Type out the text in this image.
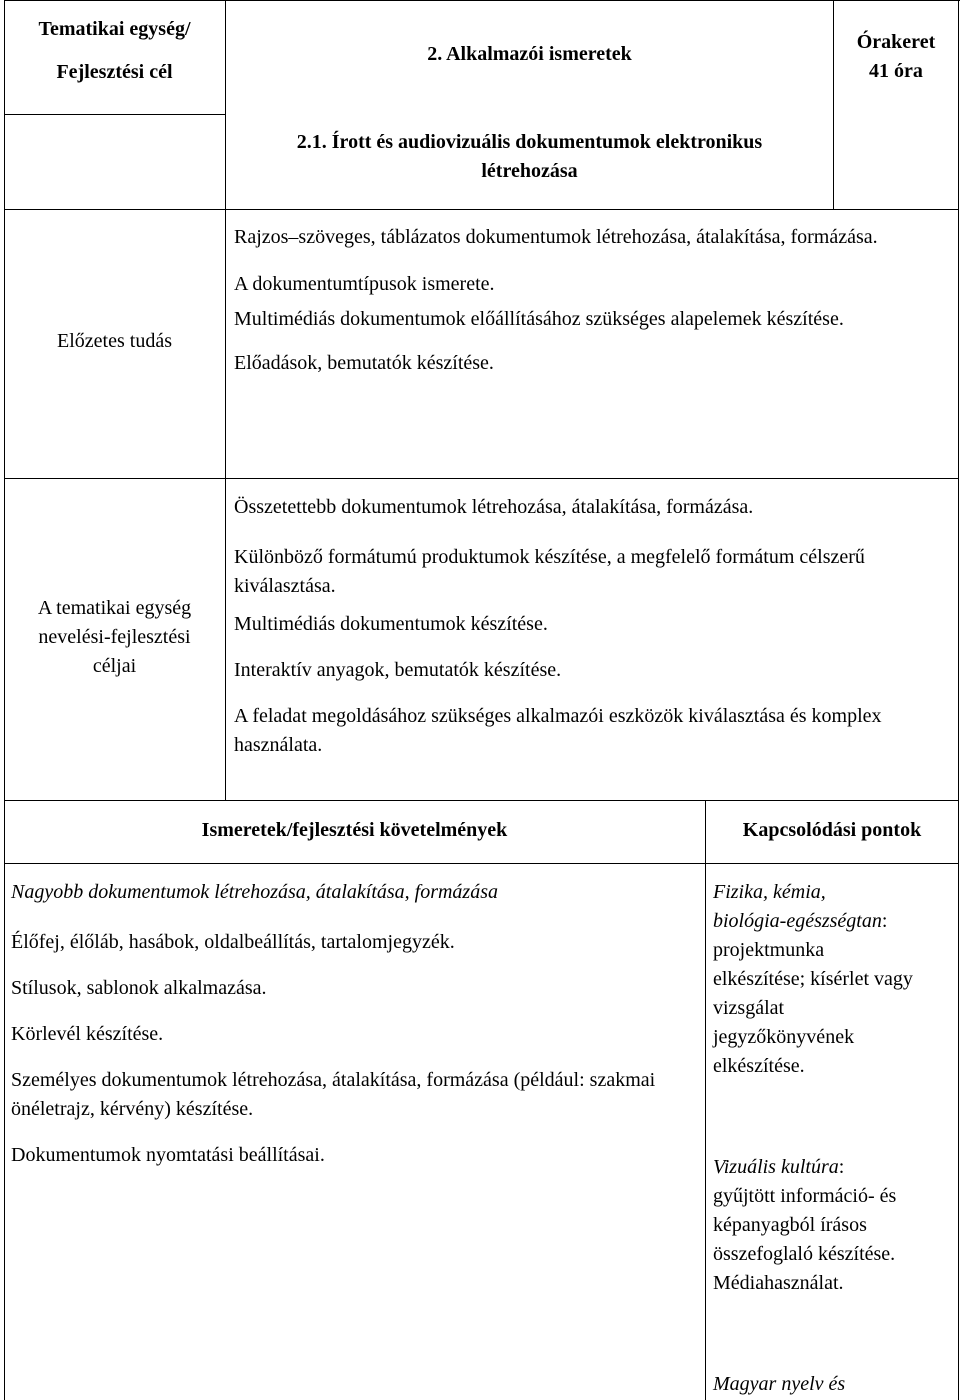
Tematikai egység/
Fejlesztési cél
2. Alkalmazói ismeretek
Órakeret
41 óra
2.1. Írott és audiovizuális dokumentumok elektronikus
létrehozása
Előzetes tudás

Rajzos–szöveges, táblázatos dokumentumok létrehozása, átalakítása, formázása.

A dokumentumtípusok ismerete.

Multimédiás dokumentumok előállításához szükséges alapelemek készítése.

Előadások, bemutatók készítése.

A tematikai egység
nevelési-fejlesztési
céljai

Összetettebb dokumentumok létrehozása, átalakítása, formázása.

Különböző formátumú produktumok készítése, a megfelelő formátum célszerű kiválasztása.

Multimédiás dokumentumok készítése.

Interaktív anyagok, bemutatók készítése.

A feladat megoldásához szükséges alkalmazói eszközök kiválasztása és komplex használata.

Ismeretek/fejlesztési követelmények	Kapcsolódási pontok

Nagyobb dokumentumok létrehozása, átalakítása, formázása

Élőfej, élőláb, hasábok, oldalbeállítás, tartalomjegyzék.

Stílusok, sablonok alkalmazása.

Körlevél készítése.

Személyes dokumentumok létrehozása, átalakítása, formázása (például: szakmai önéletrajz, kérvény) készítése.

Dokumentumok nyomtatási beállításai.

Fizika, kémia,
biológia-egészségtan:
projektmunka elkészítése; kísérlet vagy vizsgálat jegyzőkönyvének elkészítése.
Vizuális kultúra:
gyűjtött információ- és képanyagból írásos összefoglaló készítése. Médiahasználat.
Magyar nyelv és
